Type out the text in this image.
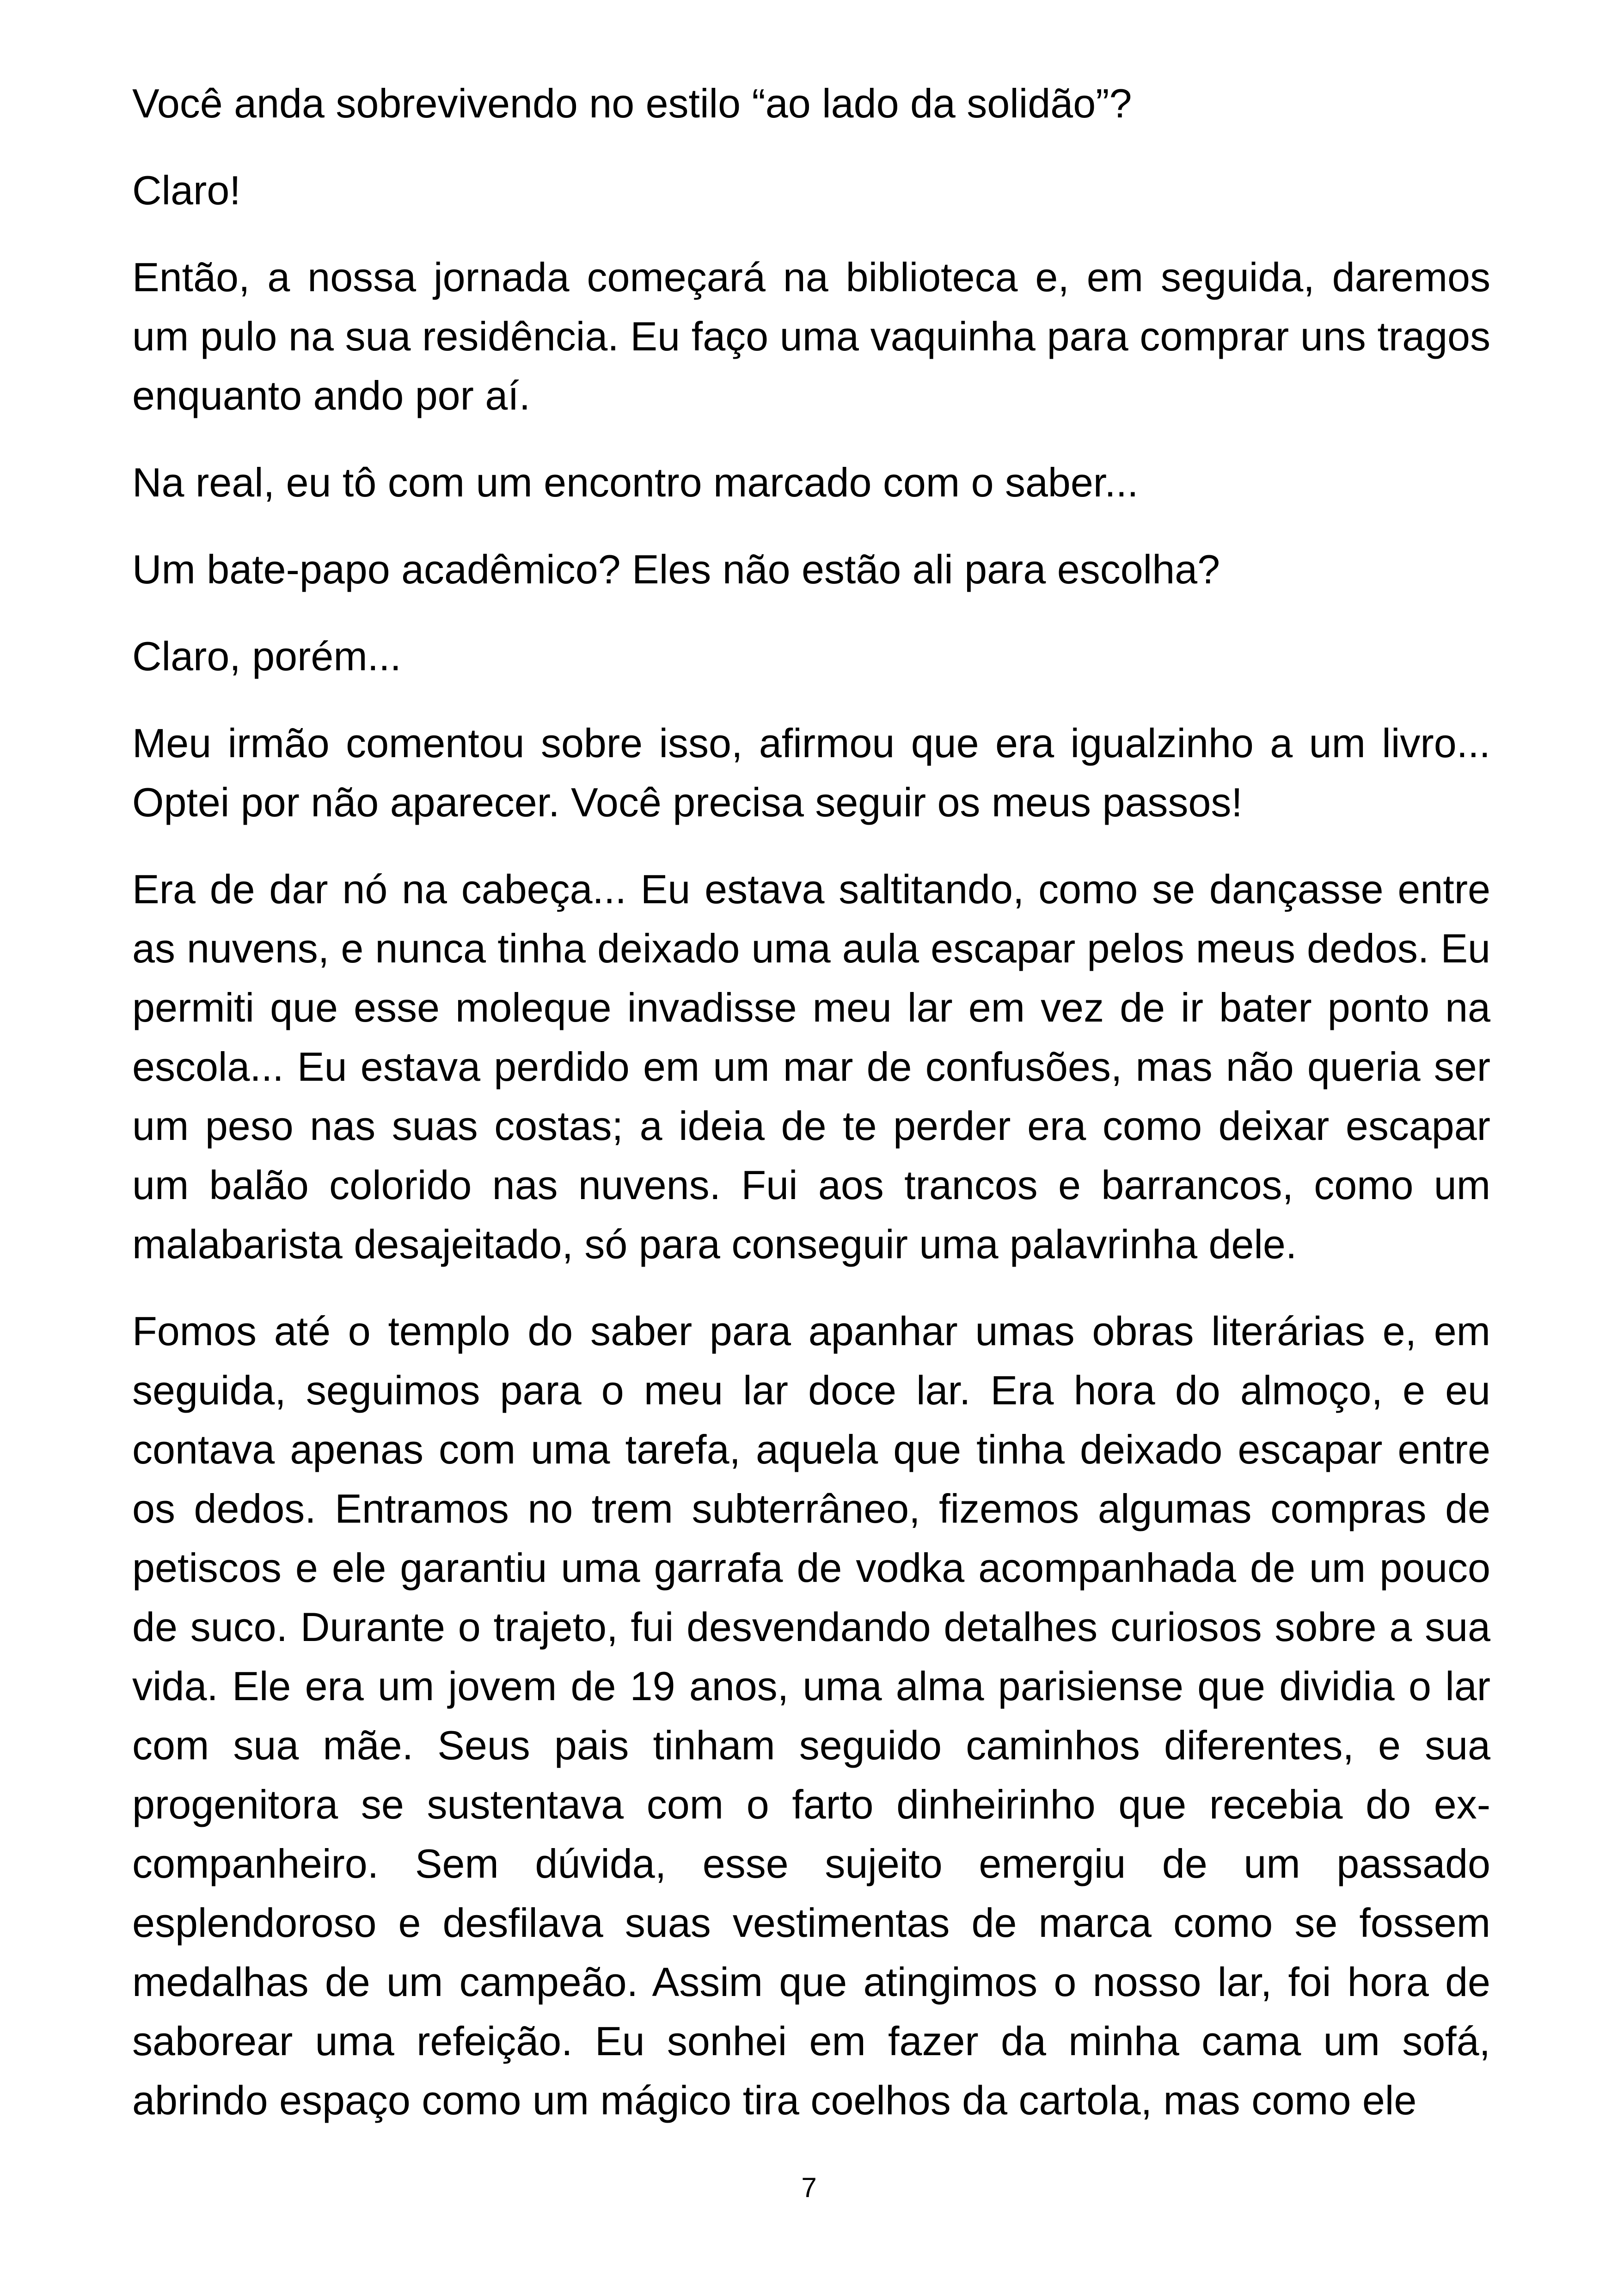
Você anda sobrevivendo no estilo “ao lado da solidão”?

Claro!

Então, a nossa jornada começará na biblioteca e, em seguida, daremos um pulo na sua residência. Eu faço uma vaquinha para comprar uns tragos enquanto ando por aí.

Na real, eu tô com um encontro marcado com o saber...

Um bate-papo acadêmico? Eles não estão ali para escolha?

Claro, porém...

Meu irmão comentou sobre isso, afirmou que era igualzinho a um livro... Optei por não aparecer. Você precisa seguir os meus passos!

Era de dar nó na cabeça... Eu estava saltitando, como se dançasse entre as nuvens, e nunca tinha deixado uma aula escapar pelos meus dedos. Eu permiti que esse moleque invadisse meu lar em vez de ir bater ponto na escola... Eu estava perdido em um mar de confusões, mas não queria ser um peso nas suas costas; a ideia de te perder era como deixar escapar um balão colorido nas nuvens. Fui aos trancos e barrancos, como um malabarista desajeitado, só para conseguir uma palavrinha dele.

Fomos até o templo do saber para apanhar umas obras literárias e, em seguida, seguimos para o meu lar doce lar. Era hora do almoço, e eu contava apenas com uma tarefa, aquela que tinha deixado escapar entre os dedos. Entramos no trem subterrâneo, fizemos algumas compras de petiscos e ele garantiu uma garrafa de vodka acompanhada de um pouco de suco. Durante o trajeto, fui desvendando detalhes curiosos sobre a sua vida. Ele era um jovem de 19 anos, uma alma parisiense que dividia o lar com sua mãe. Seus pais tinham seguido caminhos diferentes, e sua progenitora se sustentava com o farto dinheirinho que recebia do ex-companheiro. Sem dúvida, esse sujeito emergiu de um passado esplendoroso e desfilava suas vestimentas de marca como se fossem medalhas de um campeão. Assim que atingimos o nosso lar, foi hora de saborear uma refeição. Eu sonhei em fazer da minha cama um sofá, abrindo espaço como um mágico tira coelhos da cartola, mas como ele

7
